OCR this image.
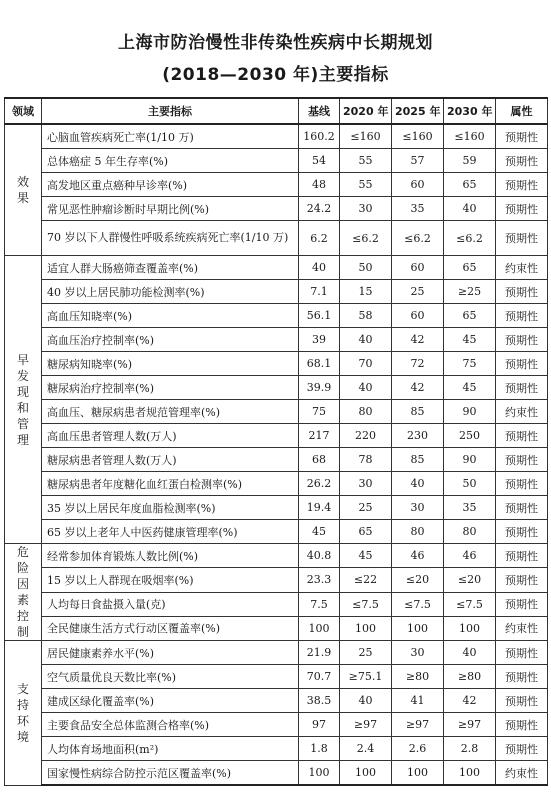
上海市防治慢性非传染性疾病中长期规划
(2018—2030 年)主要指标
领域	主要指标	基线	2020 年	2025 年	2030 年	属性

效果	心脑血管疾病死亡率(1/10 万)	160.2	≤160	≤160	≤160	预期性
	总体癌症 5 年生存率(%)	54	55	57	59	预期性
	高发地区重点癌种早诊率(%)	48	55	60	65	预期性
	常见恶性肿瘤诊断时早期比例(%)	24.2	30	35	40	预期性
	70 岁以下人群慢性呼吸系统疾病死亡率(1/10 万)	6.2	≤6.2	≤6.2	≤6.2	预期性

早发现和管理	适宜人群大肠癌筛查覆盖率(%)	40	50	60	65	约束性
	40 岁以上居民肺功能检测率(%)	7.1	15	25	≥25	预期性
	高血压知晓率(%)	56.1	58	60	65	预期性
	高血压治疗控制率(%)	39	40	42	45	预期性
	糖尿病知晓率(%)	68.1	70	72	75	预期性
	糖尿病治疗控制率(%)	39.9	40	42	45	预期性
	高血压、糖尿病患者规范管理率(%)	75	80	85	90	约束性
	高血压患者管理人数(万人)	217	220	230	250	预期性
	糖尿病患者管理人数(万人)	68	78	85	90	预期性
	糖尿病患者年度糖化血红蛋白检测率(%)	26.2	30	40	50	预期性
	35 岁以上居民年度血脂检测率(%)	19.4	25	30	35	预期性
	65 岁以上老年人中医药健康管理率(%)	45	65	80	80	预期性

危险因素控制	经常参加体育锻炼人数比例(%)	40.8	45	46	46	预期性
	15 岁以上人群现在吸烟率(%)	23.3	≤22	≤20	≤20	预期性
	人均每日食盐摄入量(克)	7.5	≤7.5	≤7.5	≤7.5	预期性
	全民健康生活方式行动区覆盖率(%)	100	100	100	100	约束性

支持环境	居民健康素养水平(%)	21.9	25	30	40	预期性
	空气质量优良天数比率(%)	70.7	≥75.1	≥80	≥80	预期性
	建成区绿化覆盖率(%)	38.5	40	41	42	预期性
	主要食品安全总体监测合格率(%)	97	≥97	≥97	≥97	预期性
	人均体育场地面积(m²)	1.8	2.4	2.6	2.8	预期性
	国家慢性病综合防控示范区覆盖率(%)	100	100	100	100	约束性
